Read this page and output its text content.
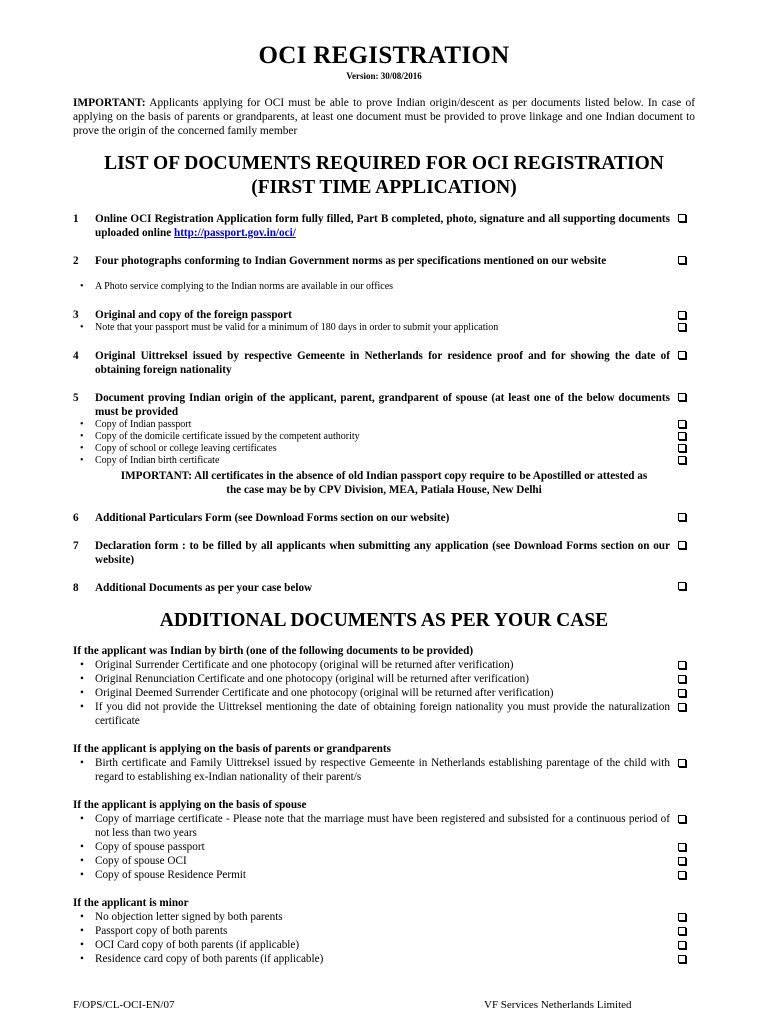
OCI REGISTRATION
Version: 30/08/2016
IMPORTANT: Applicants applying for OCI must be able to prove Indian origin/descent as per documents listed below. In case of applying on the basis of parents or grandparents, at least one document must be provided to prove linkage and one Indian document to prove the origin of the concerned family member
LIST OF DOCUMENTS REQUIRED FOR OCI REGISTRATION
(FIRST TIME APPLICATION)
1 Online OCI Registration Application form fully filled, Part B completed, photo, signature and all supporting documents uploaded online http://passport.gov.in/oci/
2 Four photographs conforming to Indian Government norms as per specifications mentioned on our website
• A Photo service complying to the Indian norms are available in our offices
3 Original and copy of the foreign passport
• Note that your passport must be valid for a minimum of 180 days in order to submit your application
4 Original Uittreksel issued by respective Gemeente in Netherlands for residence proof and for showing the date of obtaining foreign nationality
5 Document proving Indian origin of the applicant, parent, grandparent of spouse (at least one of the below documents must be provided
• Copy of Indian passport
• Copy of the domicile certificate issued by the competent authority
• Copy of school or college leaving certificates
• Copy of Indian birth certificate
IMPORTANT: All certificates in the absence of old Indian passport copy require to be Apostilled or attested as
the case may be by CPV Division, MEA, Patiala House, New Delhi
6 Additional Particulars Form (see Download Forms section on our website)
7 Declaration form : to be filled by all applicants when submitting any application (see Download Forms section on our website)
8 Additional Documents as per your case below
ADDITIONAL DOCUMENTS AS PER YOUR CASE
If the applicant was Indian by birth (one of the following documents to be provided)
• Original Surrender Certificate and one photocopy (original will be returned after verification)
• Original Renunciation Certificate and one photocopy (original will be returned after verification)
• Original Deemed Surrender Certificate and one photocopy (original will be returned after verification)
• If you did not provide the Uittreksel mentioning the date of obtaining foreign nationality you must provide the naturalization certificate
If the applicant is applying on the basis of parents or grandparents
• Birth certificate and Family Uittreksel issued by respective Gemeente in Netherlands establishing parentage of the child with regard to establishing ex-Indian nationality of their parent/s
If the applicant is applying on the basis of spouse
• Copy of marriage certificate - Please note that the marriage must have been registered and subsisted for a continuous period of not less than two years
• Copy of spouse passport
• Copy of spouse OCI
• Copy of spouse Residence Permit
If the applicant is minor
• No objection letter signed by both parents
• Passport copy of both parents
• OCI Card copy of both parents (if applicable)
• Residence card copy of both parents (if applicable)
F/OPS/CL-OCI-EN/07	VF Services Netherlands Limited
